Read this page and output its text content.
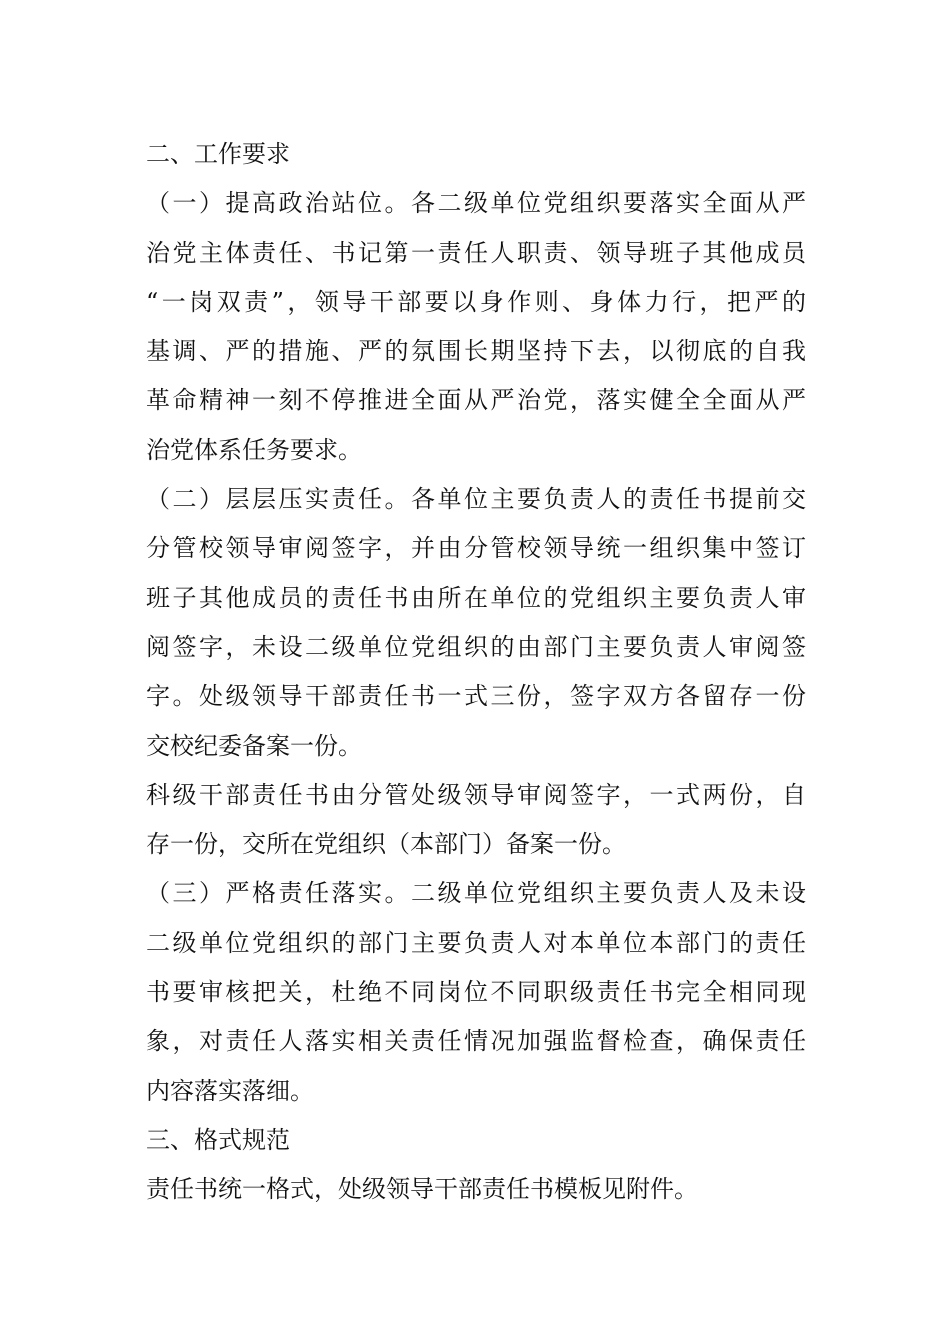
二、工作要求
（一）提高政治站位。各二级单位党组织要落实全面从严
治党主体责任、书记第一责任人职责、领导班子其他成员
“一岗双责”，领导干部要以身作则、身体力行，把严的
基调、严的措施、严的氛围长期坚持下去，以彻底的自我
革命精神一刻不停推进全面从严治党，落实健全全面从严
治党体系任务要求。
（二）层层压实责任。各单位主要负责人的责任书提前交
分管校领导审阅签字，并由分管校领导统一组织集中签订
班子其他成员的责任书由所在单位的党组织主要负责人审
阅签字，未设二级单位党组织的由部门主要负责人审阅签
字。处级领导干部责任书一式三份，签字双方各留存一份
交校纪委备案一份。
科级干部责任书由分管处级领导审阅签字，一式两份，自
存一份，交所在党组织（本部门）备案一份。
（三）严格责任落实。二级单位党组织主要负责人及未设
二级单位党组织的部门主要负责人对本单位本部门的责任
书要审核把关，杜绝不同岗位不同职级责任书完全相同现
象，对责任人落实相关责任情况加强监督检查，确保责任
内容落实落细。
三、格式规范
责任书统一格式，处级领导干部责任书模板见附件。
